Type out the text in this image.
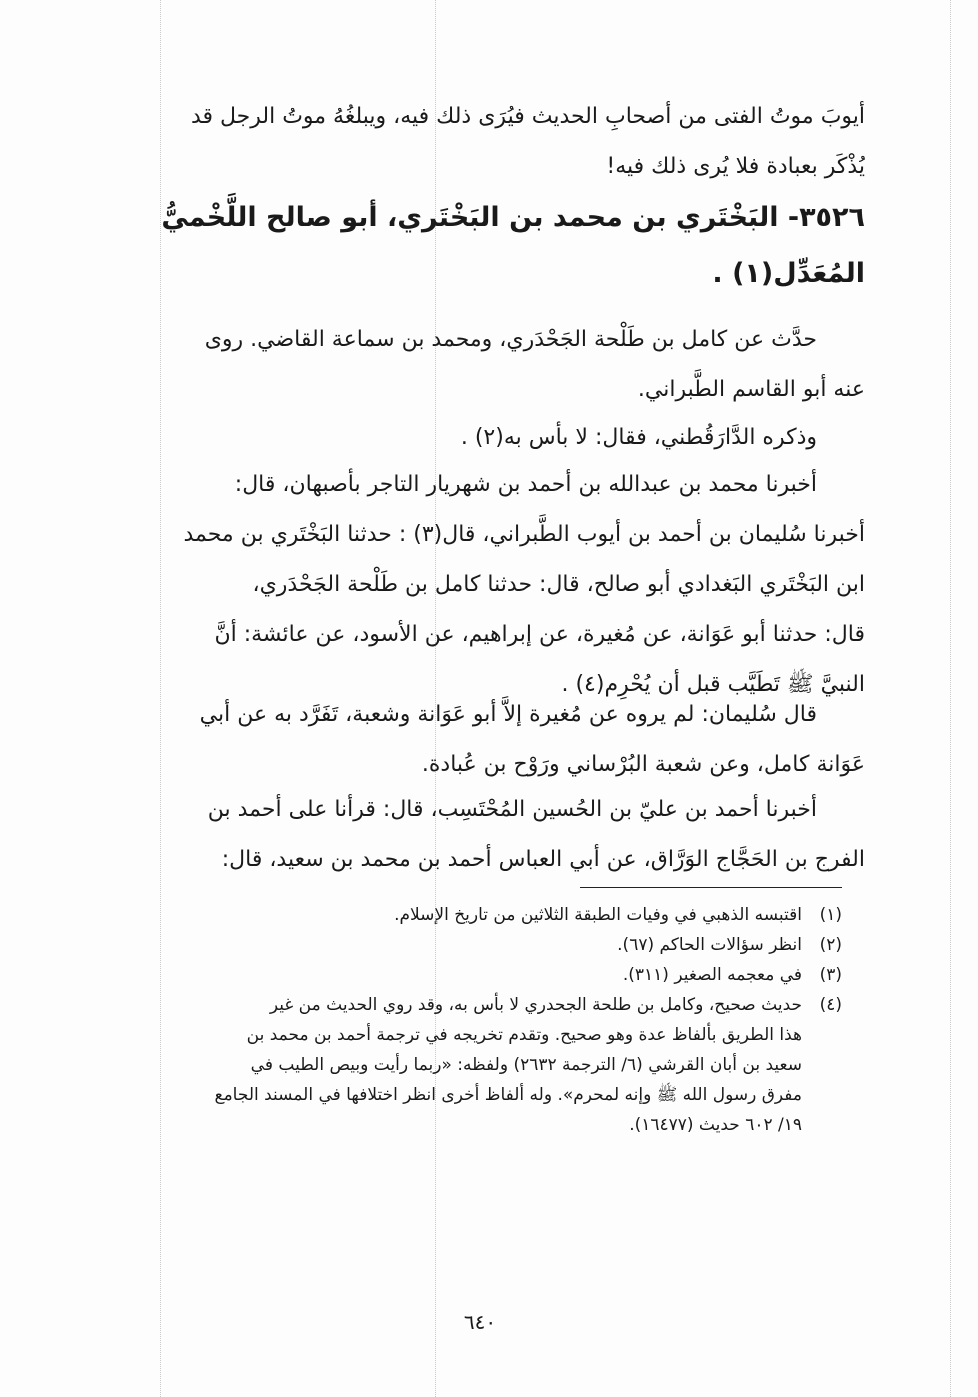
أيوبَ موتُ الفتى من أصحابِ الحديث فيُرَى ذلك فيه، ويبلغُهُ موتُ الرجل قد
يُذْكَر بعبادة فلا يُرى ذلك فيه!
٣٥٢٦- البَخْتَري بن محمد بن البَخْتَري، أبو صالح اللَّخْميُّ
المُعَدِّل(١) .
حدَّث عن كامل بن طَلْحة الجَحْدَري، ومحمد بن سماعة القاضي. روى
عنه أبو القاسم الطَّبراني.
وذكره الدَّارَقُطني، فقال: لا بأس به(٢) .
أخبرنا محمد بن عبدالله بن أحمد بن شهريار التاجر بأصبهان، قال:
أخبرنا سُليمان بن أحمد بن أيوب الطَّبراني، قال(٣) : حدثنا البَخْتَري بن محمد
ابن البَخْتَري البَغدادي أبو صالح، قال: حدثنا كامل بن طَلْحة الجَحْدَري،
قال: حدثنا أبو عَوَانة، عن مُغيرة، عن إبراهيم، عن الأسود، عن عائشة: أنَّ
النبيَّ ﷺ تَطَيَّب قبل أن يُحْرِم(٤) .
قال سُليمان: لم يروه عن مُغيرة إلاَّ أبو عَوَانة وشعبة، تَفَرَّد به عن أبي
عَوَانة كامل، وعن شعبة البُرْساني ورَوْح بن عُبادة.
أخبرنا أحمد بن عليّ بن الحُسين المُحْتَسِب، قال: قرأنا على أحمد بن
الفرج بن الحَجَّاج الوَرَّاق، عن أبي العباس أحمد بن محمد بن سعيد، قال:
(١)اقتبسه الذهبي في وفيات الطبقة الثلاثين من تاريخ الإسلام.
(٢)انظر سؤالات الحاكم (٦٧).
(٣)في معجمه الصغير (٣١١).
(٤)حديث صحيح، وكامل بن طلحة الجحدري لا بأس به، وقد روي الحديث من غير
هذا الطريق بألفاظ عدة وهو صحيح. وتقدم تخريجه في ترجمة أحمد بن محمد بن
سعيد بن أبان القرشي (٦/ الترجمة ٢٦٣٢) ولفظه: «ربما رأيت وبيص الطيب في
مفرق رسول الله ﷺ وإنه لمحرم». وله ألفاظ أخرى انظر اختلافها في المسند الجامع
١٩/ ٦٠٢ حديث (١٦٤٧٧).
٦٤٠
